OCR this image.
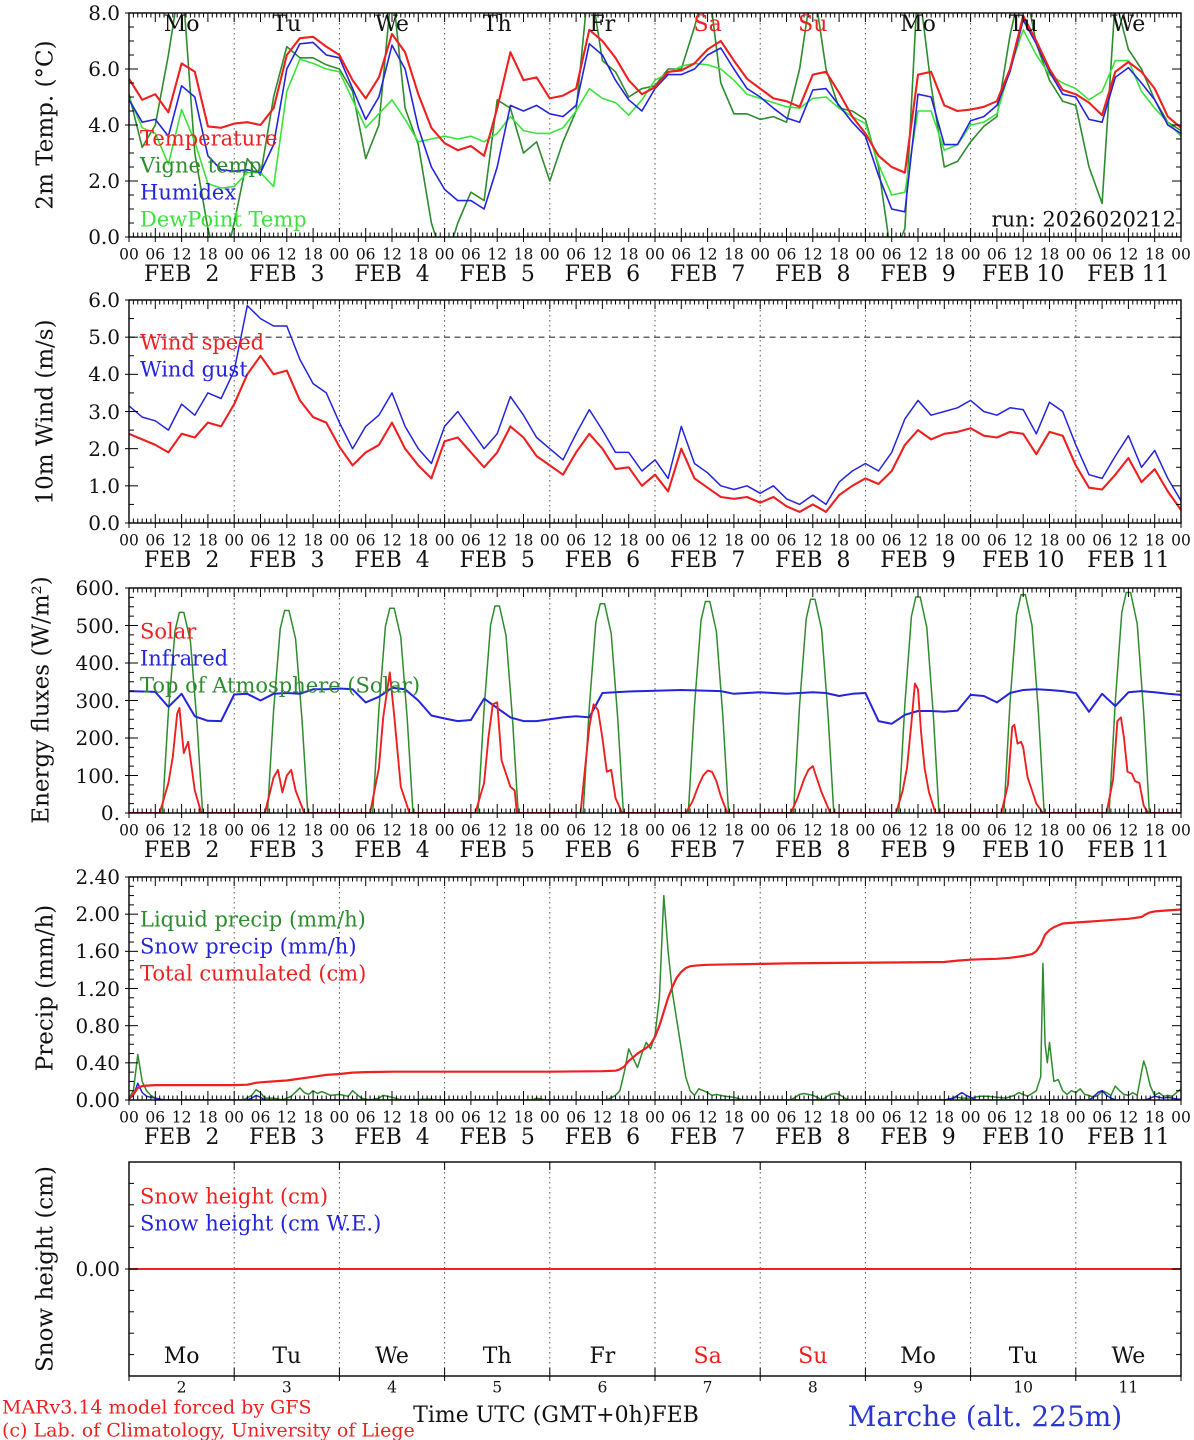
2m Temp. (°C)
10m Wind (m/s)
Energy fluxes (W/m²)
Precip (mm/h)
Snow height (cm)
run: 2026020212
MARv3.14 model forced by GFS
(c) Lab. of Climatology, University of Liege
Time UTC (GMT+0h)FEB	Marche (alt. 225m)
0.0
2.0
4.0
6.0
8.0
00 06 12 18 00 06 12 18 00 06 12 18 00 06 12 18 00 06 12 18 00 06 12 18 00 06 12 18 00 06 12 18 00 06 12 18 00 06 12 18 00
FEB  2 FEB  3 FEB  4 FEB  5 FEB  6 FEB  7 FEB  8 FEB  9 FEB 10 FEB 11
Mo	Tu	We	Th	Fr	Sa	Su	Mo	Tu	We
Temperature
Vigne temp
Humidex
DewPoint Temp
0.0
1.0
2.0
3.0
4.0
5.0
6.0
00 06 12 18 00 06 12 18 00 06 12 18 00 06 12 18 00 06 12 18 00 06 12 18 00 06 12 18 00 06 12 18 00 06 12 18 00 06 12 18 00
FEB  2 FEB  3 FEB  4 FEB  5 FEB  6 FEB  7 FEB  8 FEB  9 FEB 10 FEB 11
Wind speed
Wind gust
0.
100.
200.
300.
400.
500.
600.
00 06 12 18 00 06 12 18 00 06 12 18 00 06 12 18 00 06 12 18 00 06 12 18 00 06 12 18 00 06 12 18 00 06 12 18 00 06 12 18 00
FEB  2 FEB  3 FEB  4 FEB  5 FEB  6 FEB  7 FEB  8 FEB  9 FEB 10 FEB 11
Solar
Infrared
Top of Atmosphere (Solar)
0.00
0.40
0.80
1.20
1.60
2.00
2.40
00 06 12 18 00 06 12 18 00 06 12 18 00 06 12 18 00 06 12 18 00 06 12 18 00 06 12 18 00 06 12 18 00 06 12 18 00 06 12 18 00
FEB  2 FEB  3 FEB  4 FEB  5 FEB  6 FEB  7 FEB  8 FEB  9 FEB 10 FEB 11
Liquid precip (mm/h)
Snow precip (mm/h)
Total cumulated (cm)
0.00
2	3	4	5	6	7	8	9	10	11
Mo	Tu	We	Th	Fr	Sa	Su	Mo	Tu	We
Snow height (cm)
Snow height (cm W.E.)
